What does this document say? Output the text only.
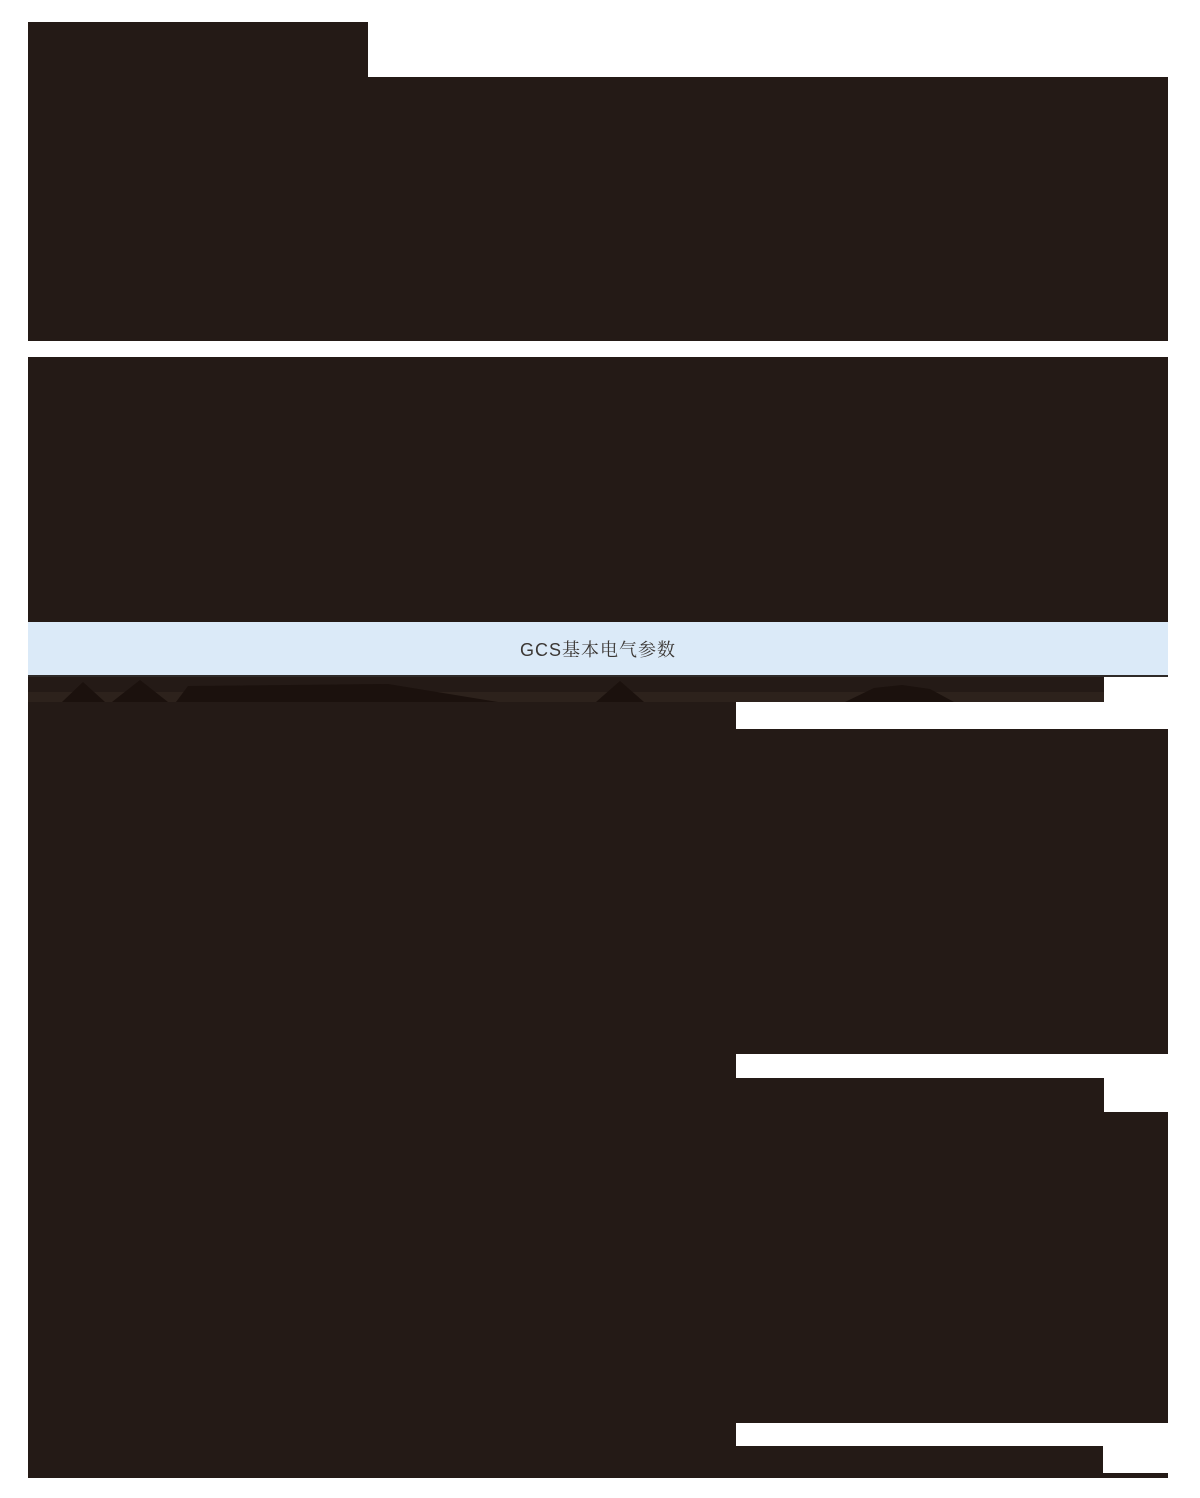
GCS基本电气参数
